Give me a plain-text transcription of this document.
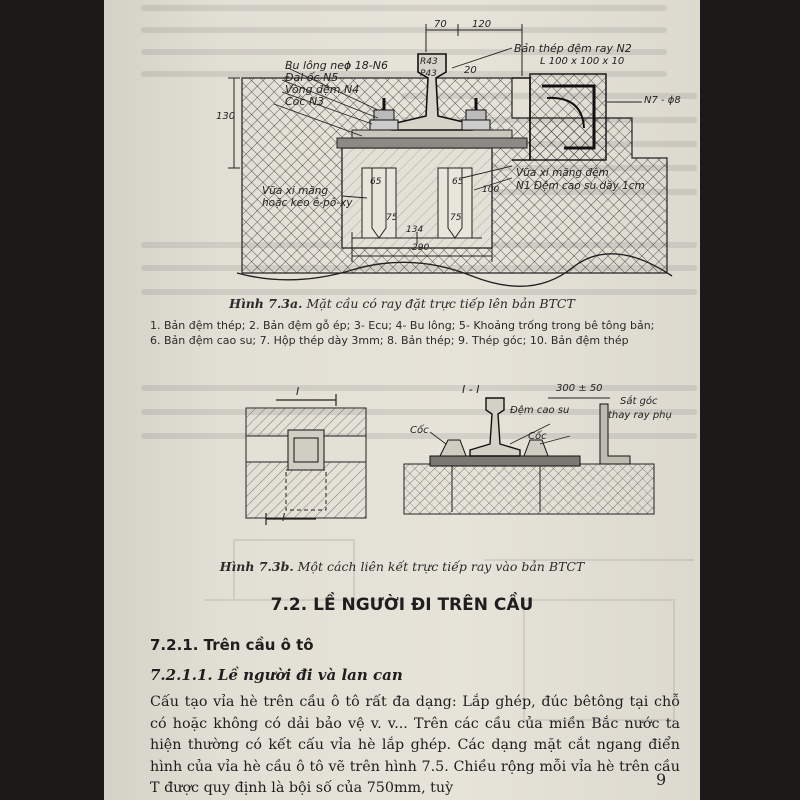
Bu lông neo
ϕ 18-N6
Đai ốc N5
Vòng đệm N4
Cốc N3
70	120
Bản thép đệm ray N2
L 100 x 100 x 10
N7 - ϕ8
R43
P43	20
130
Vữa xi măng đệm
N1 Đệm cao su dầy 1cm
Vữa xi măng
hoặc keo ê-pô-xy
65	65
100
75	75
134
290
Hình 7.3a. Mặt cầu có ray đặt trực tiếp lên bản BTCT
1. Bản đệm thép; 2. Bản đệm gỗ ép; 3- Ecu; 4- Bu lông; 5- Khoảng trống trong bê tông bản;
6. Bản đệm cao su; 7. Hộp thép dày 3mm; 8. Bản thép; 9. Thép góc; 10. Bản đệm thép
I
I
I - I	300 ± 50
Đệm cao su
Sắt góc
thay ray phụ
Cốc
Cốc
Hình 7.3b. Một cách liên kết trực tiếp ray vào bản BTCT
7.2. LỀ NGƯỜI ĐI TRÊN CẦU
7.2.1. Trên cầu ô tô
7.2.1.1. Lề người đi và lan can
Cấu tạo vỉa hè trên cầu ô tô rất đa dạng: Lắp ghép, đúc bêtông tại chỗ có hoặc không có dải bảo vệ v. v... Trên các cầu của miền Bắc nước ta hiện thường có kết cấu vỉa hè lắp ghép. Các dạng mặt cắt ngang điển hình của vỉa hè cầu ô tô vẽ trên hình 7.5. Chiều rộng mỗi vỉa hè trên cầu T được quy định là bội số của 750mm, tuỳ	9
